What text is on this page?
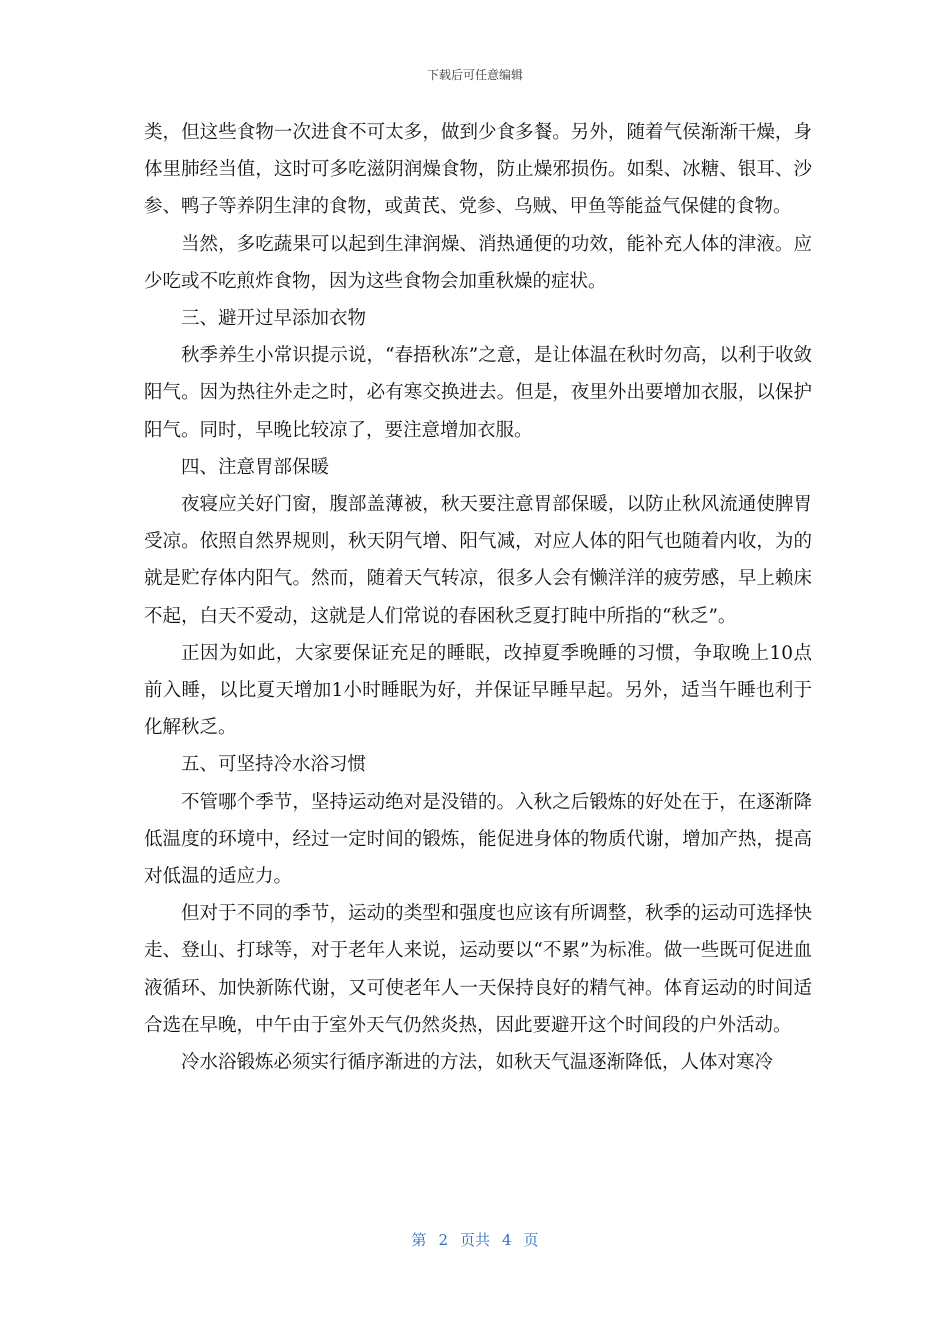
下载后可任意编辑

类，但这些食物一次进食不可太多，做到少食多餐。另外，随着气侯渐渐干燥，身体里肺经当值，这时可多吃滋阴润燥食物，防止燥邪损伤。如梨、冰糖、银耳、沙参、鸭子等养阴生津的食物，或黄芪、党参、乌贼、甲鱼等能益气保健的食物。

当然，多吃蔬果可以起到生津润燥、消热通便的功效，能补充人体的津液。应少吃或不吃煎炸食物，因为这些食物会加重秋燥的症状。

三、避开过早添加衣物

秋季养生小常识提示说，“春捂秋冻”之意，是让体温在秋时勿高，以利于收敛阳气。因为热往外走之时，必有寒交换进去。但是，夜里外出要增加衣服，以保护阳气。同时，早晚比较凉了，要注意增加衣服。

四、注意胃部保暖

夜寝应关好门窗，腹部盖薄被，秋天要注意胃部保暖，以防止秋风流通使脾胃受凉。依照自然界规则，秋天阴气增、阳气减，对应人体的阳气也随着内收，为的就是贮存体内阳气。然而，随着天气转凉，很多人会有懒洋洋的疲劳感，早上赖床不起，白天不爱动，这就是人们常说的春困秋乏夏打盹中所指的“秋乏”。

正因为如此，大家要保证充足的睡眠，改掉夏季晚睡的习惯，争取晚上10点前入睡，以比夏天增加1小时睡眠为好，并保证早睡早起。另外，适当午睡也利于化解秋乏。

五、可坚持冷水浴习惯

不管哪个季节，坚持运动绝对是没错的。入秋之后锻炼的好处在于，在逐渐降低温度的环境中，经过一定时间的锻炼，能促进身体的物质代谢，增加产热，提高对低温的适应力。

但对于不同的季节，运动的类型和强度也应该有所调整，秋季的运动可选择快走、登山、打球等，对于老年人来说，运动要以“不累”为标准。做一些既可促进血液循环、加快新陈代谢，又可使老年人一天保持良好的精气神。体育运动的时间适合选在早晚，中午由于室外天气仍然炎热，因此要避开这个时间段的户外活动。

冷水浴锻炼必须实行循序渐进的方法，如秋天气温逐渐降低，人体对寒冷

第 2 页共 4 页
